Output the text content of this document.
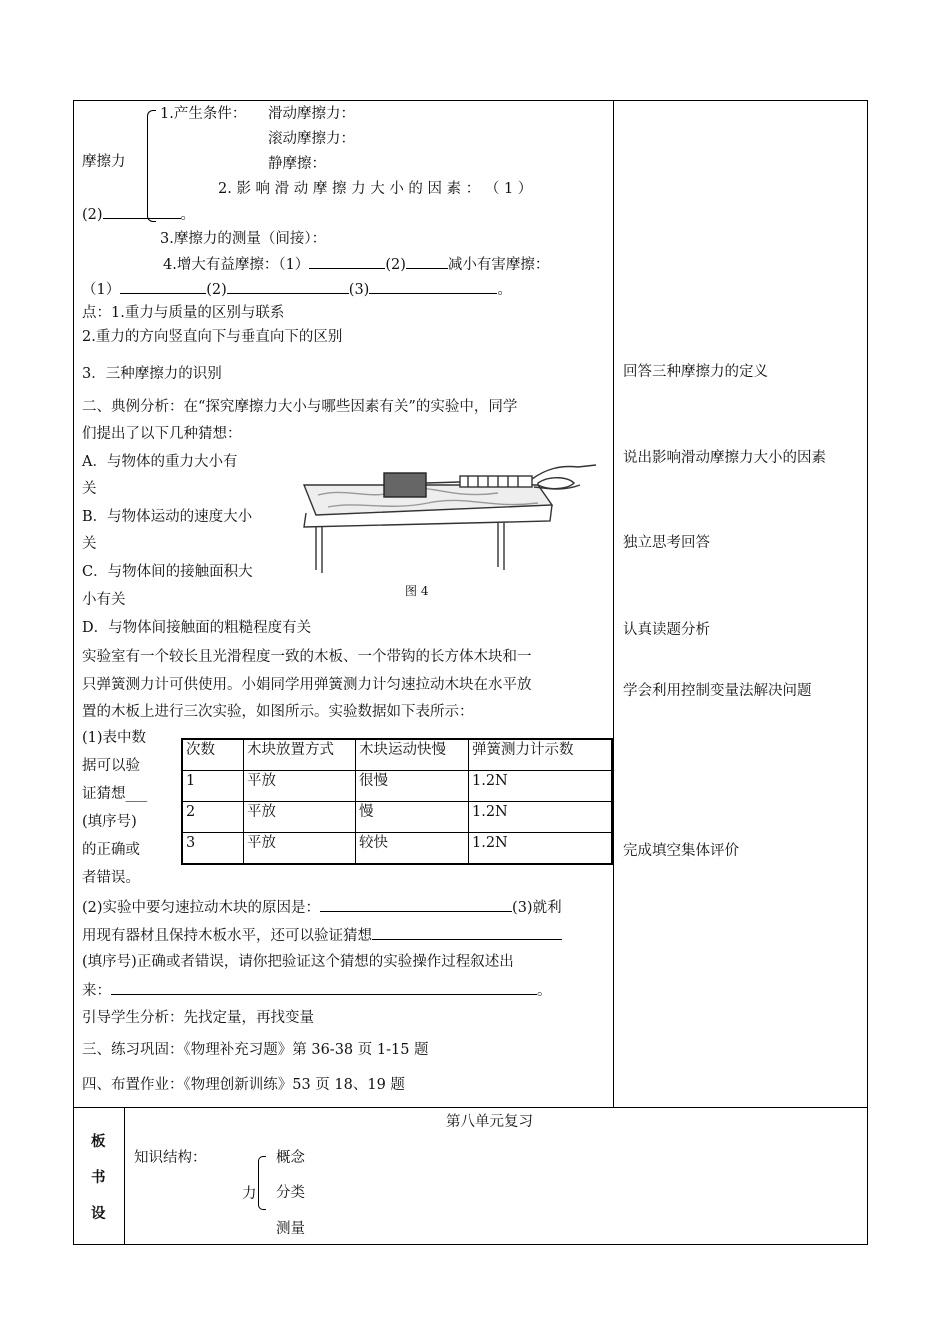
摩擦力
1.产生条件： 滑动摩擦力：
滚动摩擦力：
静摩擦：
2. 影 响 滑 动 摩 擦 力 大 小 的 因 素 ： （ 1 ）
(2)	。
3.摩擦力的测量（间接）：
4.增大有益摩擦：（1）	(2)	减小有害摩擦：
（1）	(2)	(3)	。
点：1.重力与质量的区别与联系
2.重力的方向竖直向下与垂直向下的区别
3．三种摩擦力的识别
二、典例分析：在“探究摩擦力大小与哪些因素有关”的实验中，同学
们提出了以下几种猜想：
A．与物体的重力大小有
关
B．与物体运动的速度大小
关
C．与物体间的接触面积大
小有关
D．与物体间接触面的粗糙程度有关
图 4
实验室有一个较长且光滑程度一致的木板、一个带钩的长方体木块和一
只弹簧测力计可供使用。小娟同学用弹簧测力计匀速拉动木块在水平放
置的木板上进行三次实验，如图所示。实验数据如下表所示：
(1)表中数
据可以验
证猜想___
(填序号)
的正确或
者错误。
次数	木块放置方式	木块运动快慢	弹簧测力计示数
1	平放	很慢	1.2N
2	平放	慢	1.2N
3	平放	较快	1.2N
(2)实验中要匀速拉动木块的原因是：	(3)就利
用现有器材且保持木板水平，还可以验证猜想
(填序号)正确或者错误，请你把验证这个猜想的实验操作过程叙述出
来：	。
引导学生分析：先找定量，再找变量
三、练习巩固：《物理补充习题》第 36-38 页 1-15 题
四、布置作业：《物理创新训练》53 页 18、19 题
回答三种摩擦力的定义
说出影响滑动摩擦力大小的因素
独立思考回答
认真读题分析
学会利用控制变量法解决问题
完成填空集体评价
板
书
设
第八单元复习
知识结构：
力
概念
分类
测量
